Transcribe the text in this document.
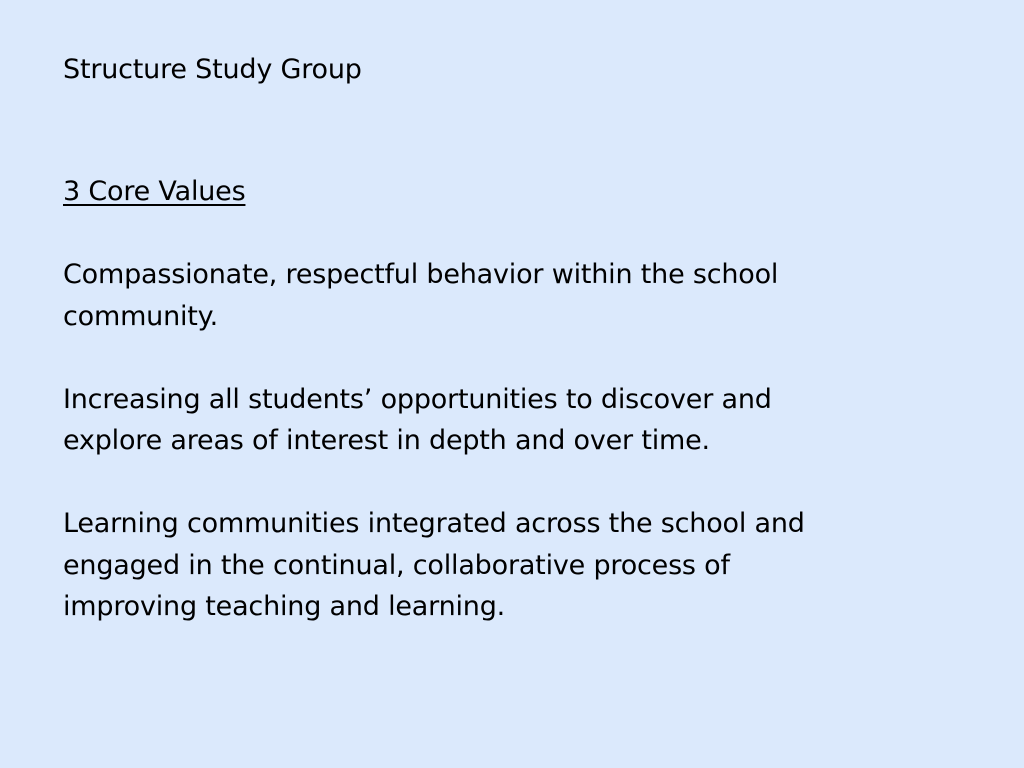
Structure Study Group
3 Core Values
Compassionate, respectful behavior within the school
community.
Increasing all students’ opportunities to discover and
explore areas of interest in depth and over time.
Learning communities integrated across the school and
engaged in the continual, collaborative process of
improving teaching and learning.
